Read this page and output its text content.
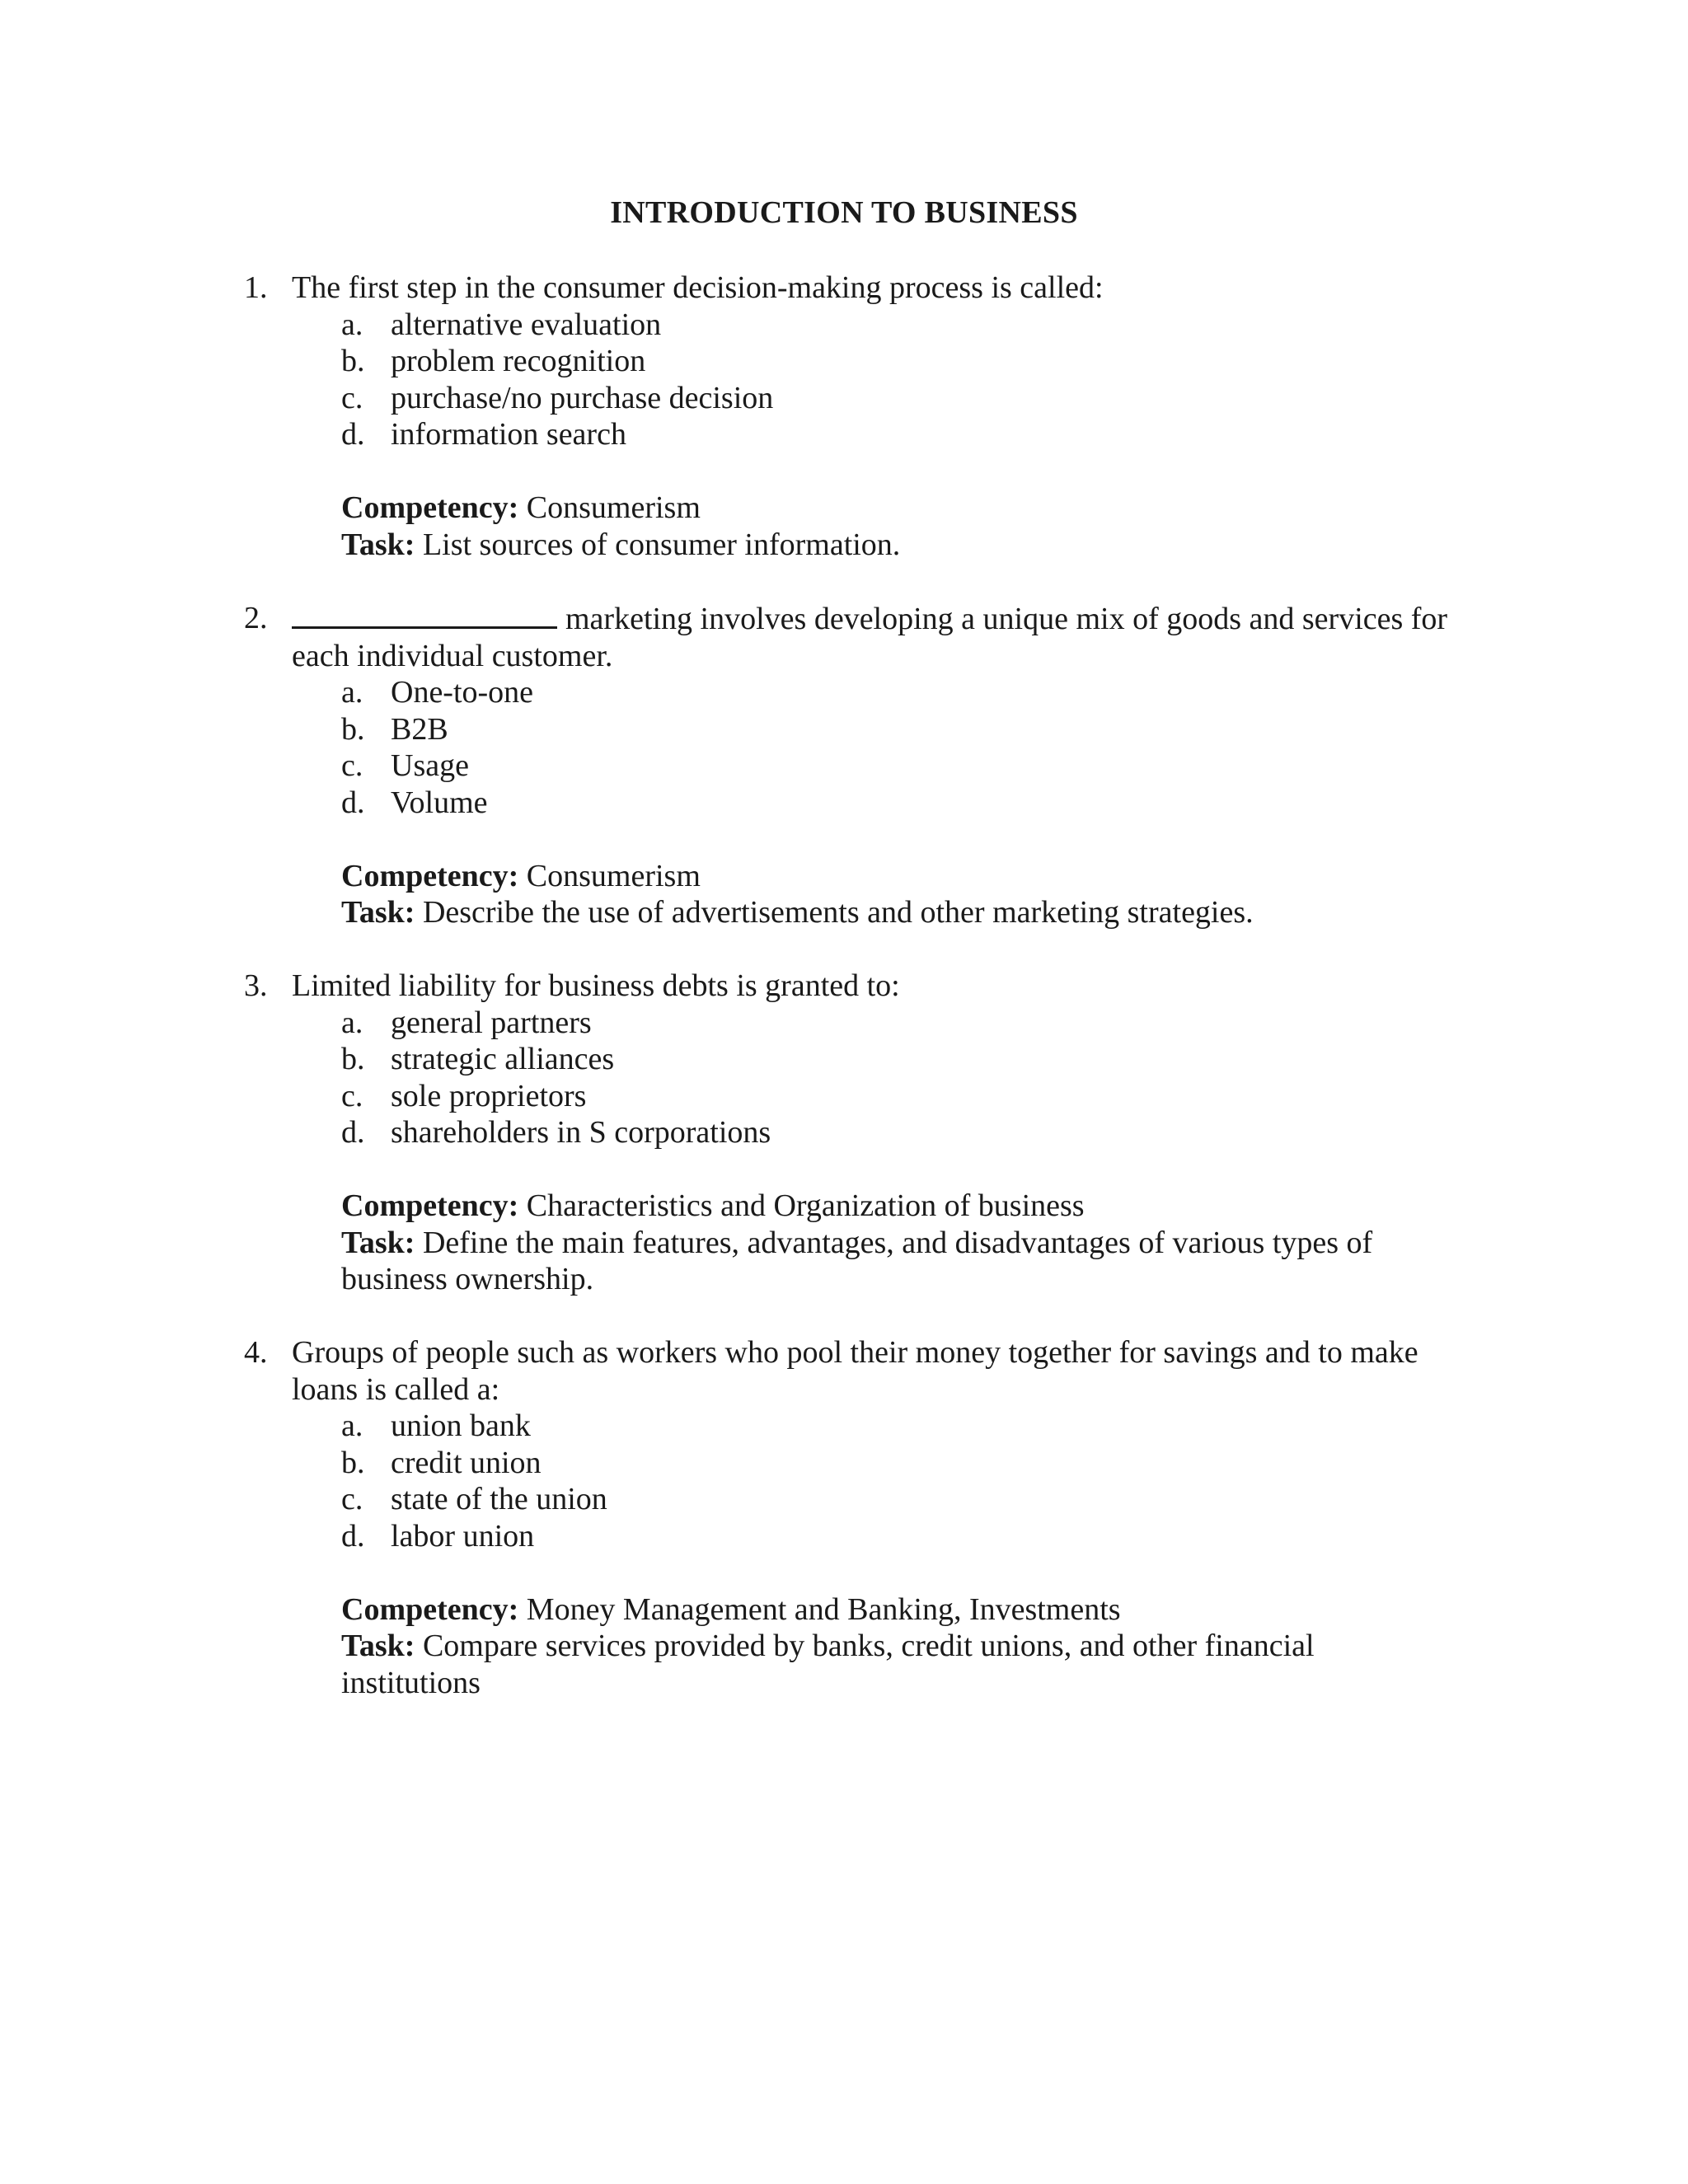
INTRODUCTION TO BUSINESS
1. The first step in the consumer decision-making process is called:
a. alternative evaluation
b. problem recognition
c. purchase/no purchase decision
d. information search
Competency: Consumerism
Task: List sources of consumer information.
2.	marketing involves developing a unique mix of goods and services for each individual customer.
a. One-to-one
b. B2B
c. Usage
d. Volume
Competency: Consumerism
Task: Describe the use of advertisements and other marketing strategies.
3. Limited liability for business debts is granted to:
a. general partners
b. strategic alliances
c. sole proprietors
d. shareholders in S corporations
Competency: Characteristics and Organization of business
Task: Define the main features, advantages, and disadvantages of various types of business ownership.
4. Groups of people such as workers who pool their money together for savings and to make loans is called a:
a. union bank
b. credit union
c. state of the union
d. labor union
Competency: Money Management and Banking, Investments
Task: Compare services provided by banks, credit unions, and other financial institutions
